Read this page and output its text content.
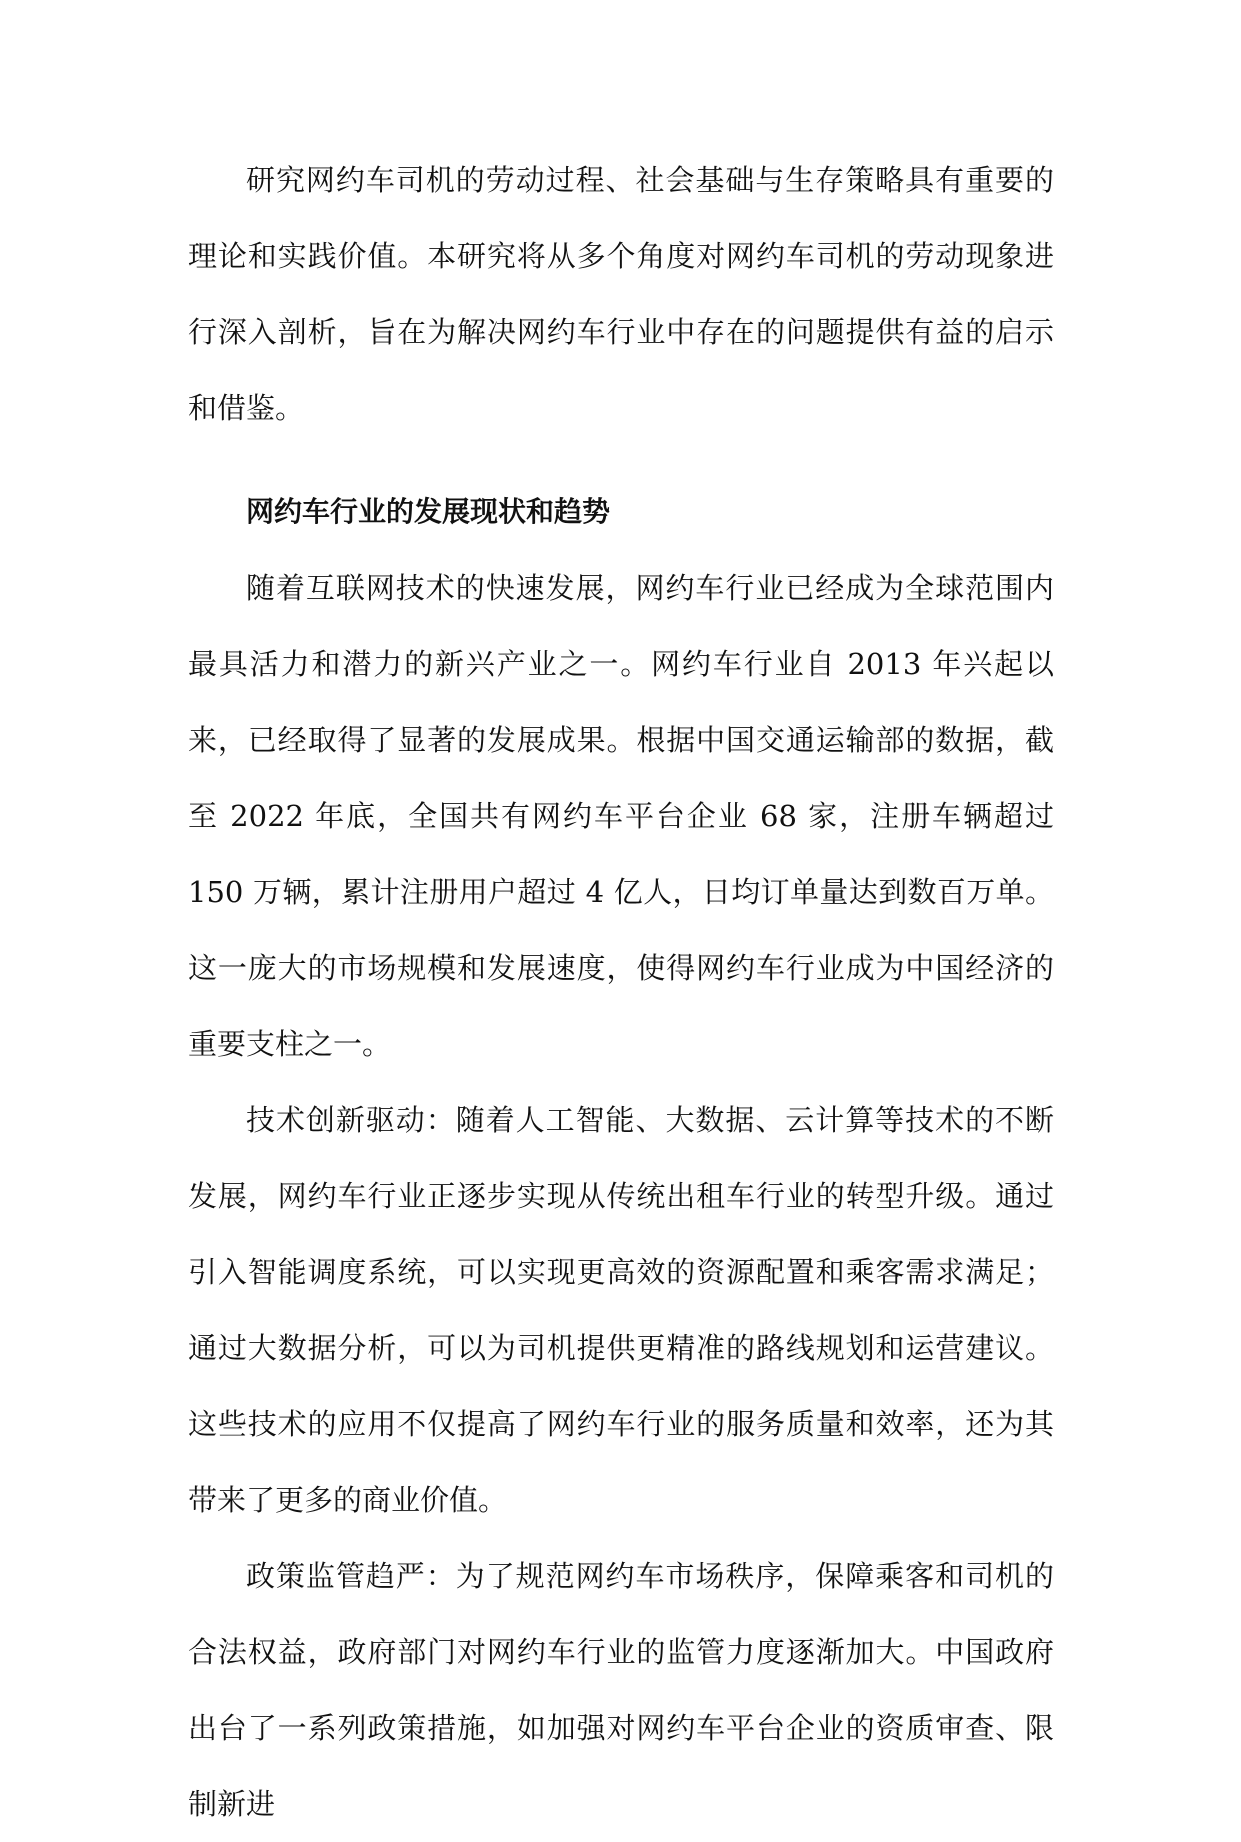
研究网约车司机的劳动过程、社会基础与生存策略具有重要的理论和实践价值。本研究将从多个角度对网约车司机的劳动现象进行深入剖析，旨在为解决网约车行业中存在的问题提供有益的启示和借鉴。

网约车行业的发展现状和趋势

随着互联网技术的快速发展，网约车行业已经成为全球范围内最具活力和潜力的新兴产业之一。网约车行业自 2013 年兴起以来，已经取得了显著的发展成果。根据中国交通运输部的数据，截至 2022 年底，全国共有网约车平台企业 68 家，注册车辆超过 150 万辆，累计注册用户超过 4 亿人，日均订单量达到数百万单。这一庞大的市场规模和发展速度，使得网约车行业成为中国经济的重要支柱之一。

技术创新驱动：随着人工智能、大数据、云计算等技术的不断发展，网约车行业正逐步实现从传统出租车行业的转型升级。通过引入智能调度系统，可以实现更高效的资源配置和乘客需求满足；通过大数据分析，可以为司机提供更精准的路线规划和运营建议。这些技术的应用不仅提高了网约车行业的服务质量和效率，还为其带来了更多的商业价值。

政策监管趋严：为了规范网约车市场秩序，保障乘客和司机的合法权益，政府部门对网约车行业的监管力度逐渐加大。中国政府出台了一系列政策措施，如加强对网约车平台企业的资质审查、限制新进
